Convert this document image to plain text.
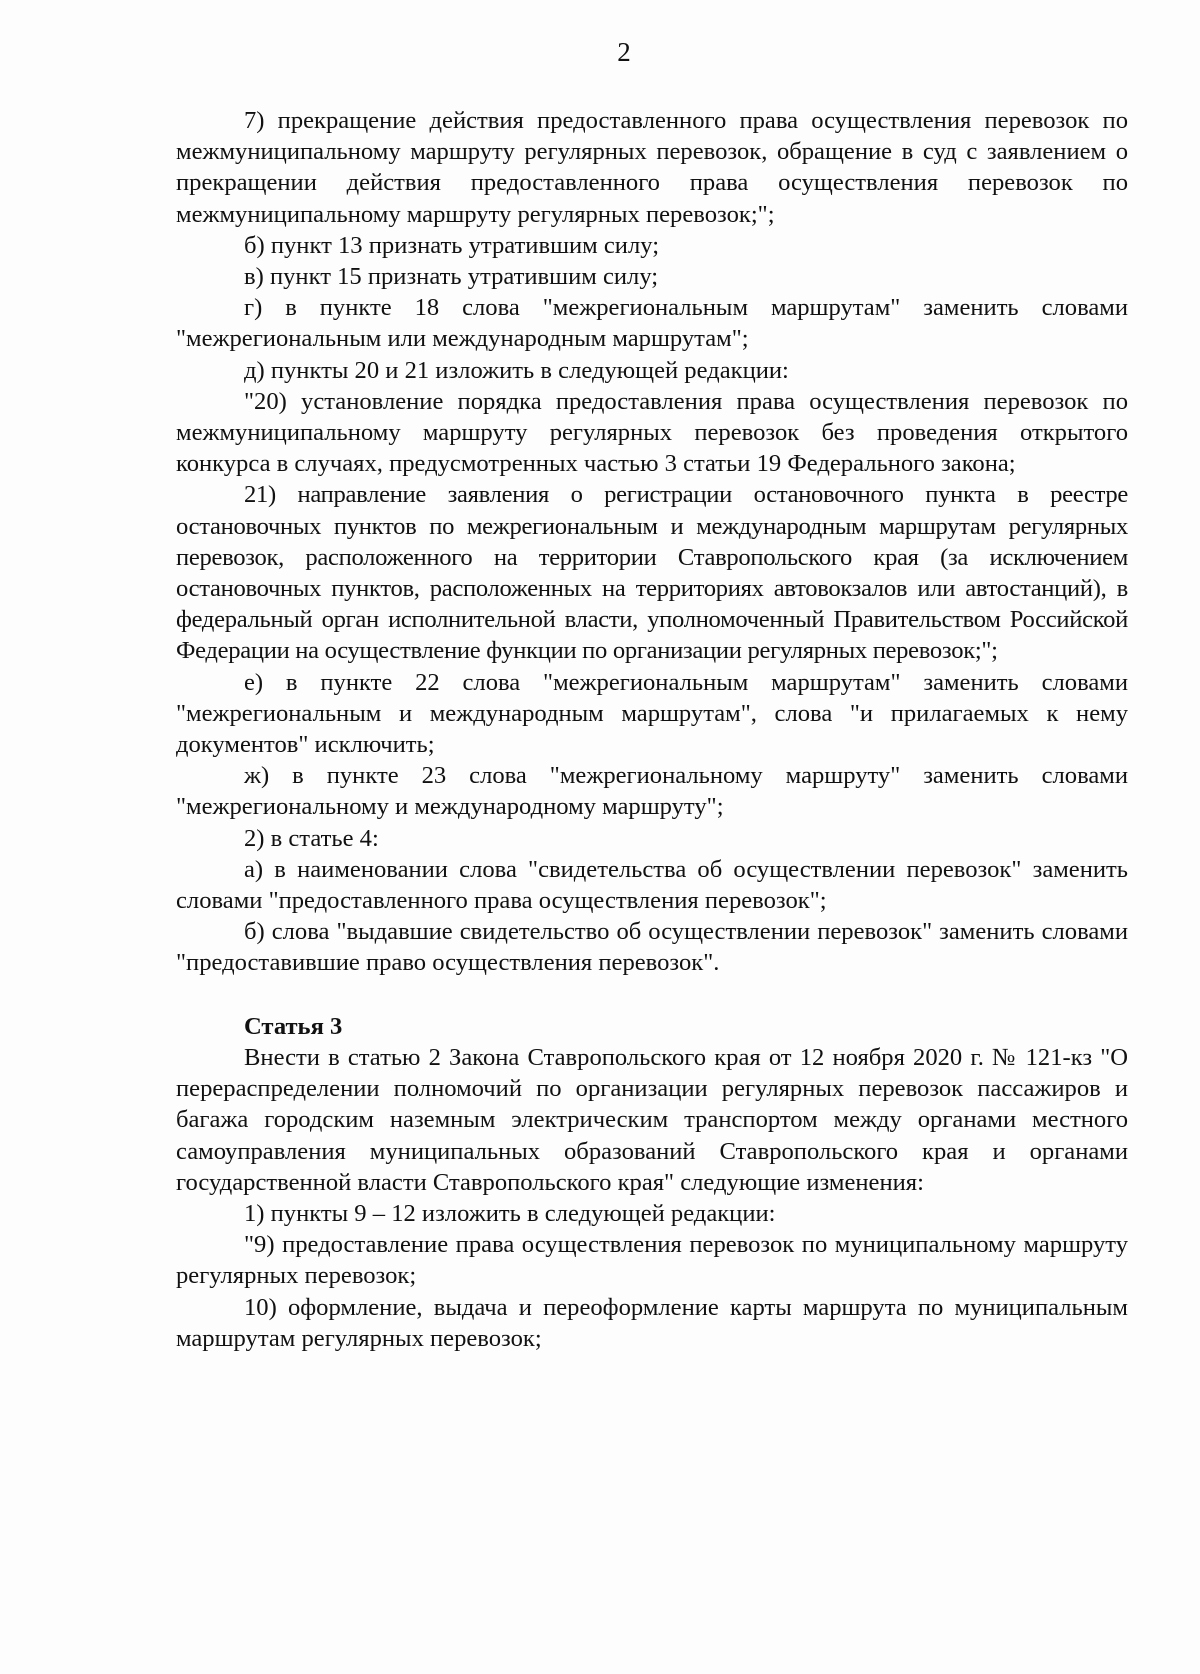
2

7) прекращение действия предоставленного права осуществления перевозок по межмуниципальному маршруту регулярных перевозок, обращение в суд с заявлением о прекращении действия предоставленного права осуществления перевозок по межмуниципальному маршруту регулярных перевозок;";

б) пункт 13 признать утратившим силу;

в) пункт 15 признать утратившим силу;

г) в пункте 18 слова "межрегиональным маршрутам" заменить словами "межрегиональным или международным маршрутам";

д) пункты 20 и 21 изложить в следующей редакции:

"20) установление порядка предоставления права осуществления перевозок по межмуниципальному маршруту регулярных перевозок без проведения открытого конкурса в случаях, предусмотренных частью 3 статьи 19 Федерального закона;

21) направление заявления о регистрации остановочного пункта в реестре остановочных пунктов по межрегиональным и международным маршрутам регулярных перевозок, расположенного на территории Ставропольского края (за исключением остановочных пунктов, расположенных на территориях автовокзалов или автостанций), в федеральный орган исполнительной власти, уполномоченный Правительством Российской Федерации на осуществление функции по организации регулярных перевозок;";

е) в пункте 22 слова "межрегиональным маршрутам" заменить словами "межрегиональным и международным маршрутам", слова "и прилагаемых к нему документов" исключить;

ж) в пункте 23 слова "межрегиональному маршруту" заменить словами "межрегиональному и международному маршруту";

2) в статье 4:

а) в наименовании слова "свидетельства об осуществлении перевозок" заменить словами "предоставленного права осуществления перевозок";

б) слова "выдавшие свидетельство об осуществлении перевозок" заменить словами "предоставившие право осуществления перевозок".

Статья 3

Внести в статью 2 Закона Ставропольского края от 12 ноября 2020 г. № 121-кз "О перераспределении полномочий по организации регулярных перевозок пассажиров и багажа городским наземным электрическим транспортом между органами местного самоуправления муниципальных образований Ставропольского края и органами государственной власти Ставропольского края" следующие изменения:

1) пункты 9 – 12 изложить в следующей редакции:

"9) предоставление права осуществления перевозок по муниципальному маршруту регулярных перевозок;

10) оформление, выдача и переоформление карты маршрута по муниципальным маршрутам регулярных перевозок;
